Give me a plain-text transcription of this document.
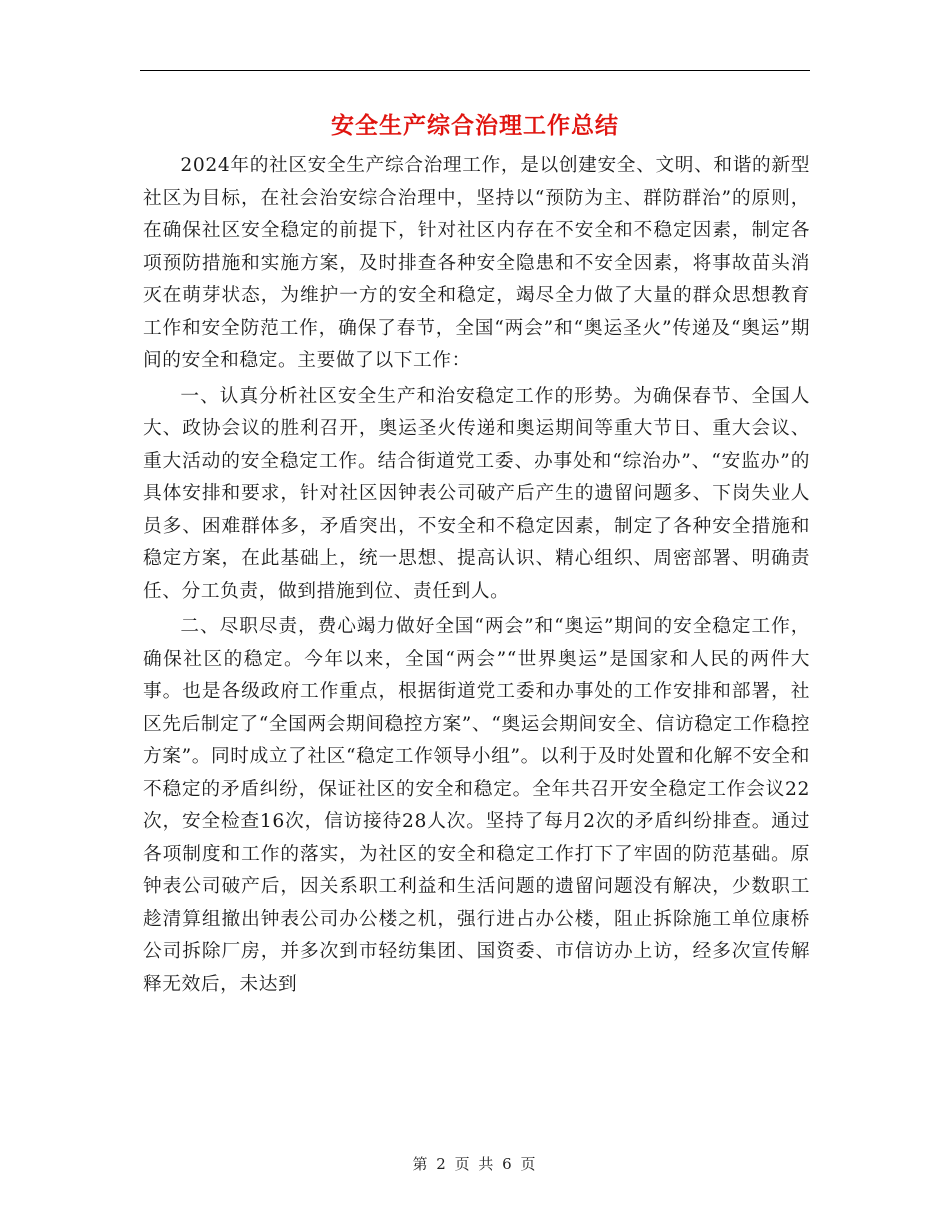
安全生产综合治理工作总结

2024年的社区安全生产综合治理工作，是以创建安全、文明、和谐的新型社区为目标，在社会治安综合治理中，坚持以“预防为主、群防群治”的原则，在确保社区安全稳定的前提下，针对社区内存在不安全和不稳定因素，制定各项预防措施和实施方案，及时排查各种安全隐患和不安全因素，将事故苗头消灭在萌芽状态，为维护一方的安全和稳定，竭尽全力做了大量的群众思想教育工作和安全防范工作，确保了春节，全国“两会”和“奥运圣火”传递及“奥运”期间的安全和稳定。主要做了以下工作：

一、认真分析社区安全生产和治安稳定工作的形势。为确保春节、全国人大、政协会议的胜利召开，奥运圣火传递和奥运期间等重大节日、重大会议、重大活动的安全稳定工作。结合街道党工委、办事处和“综治办”、“安监办”的具体安排和要求，针对社区因钟表公司破产后产生的遗留问题多、下岗失业人员多、困难群体多，矛盾突出，不安全和不稳定因素，制定了各种安全措施和稳定方案，在此基础上，统一思想、提高认识、精心组织、周密部署、明确责任、分工负责，做到措施到位、责任到人。

二、尽职尽责，费心竭力做好全国“两会”和“奥运”期间的安全稳定工作，确保社区的稳定。今年以来，全国“两会”“世界奥运”是国家和人民的两件大事。也是各级政府工作重点，根据街道党工委和办事处的工作安排和部署，社区先后制定了“全国两会期间稳控方案”、“奥运会期间安全、信访稳定工作稳控方案”。同时成立了社区“稳定工作领导小组”。以利于及时处置和化解不安全和不稳定的矛盾纠纷，保证社区的安全和稳定。全年共召开安全稳定工作会议22次，安全检查16次，信访接待28人次。坚持了每月2次的矛盾纠纷排查。通过各项制度和工作的落实，为社区的安全和稳定工作打下了牢固的防范基础。原钟表公司破产后，因关系职工利益和生活问题的遗留问题没有解决，少数职工趁清算组撤出钟表公司办公楼之机，强行进占办公楼，阻止拆除施工单位康桥公司拆除厂房，并多次到市轻纺集团、国资委、市信访办上访，经多次宣传解释无效后，未达到

第 2 页 共 6 页
